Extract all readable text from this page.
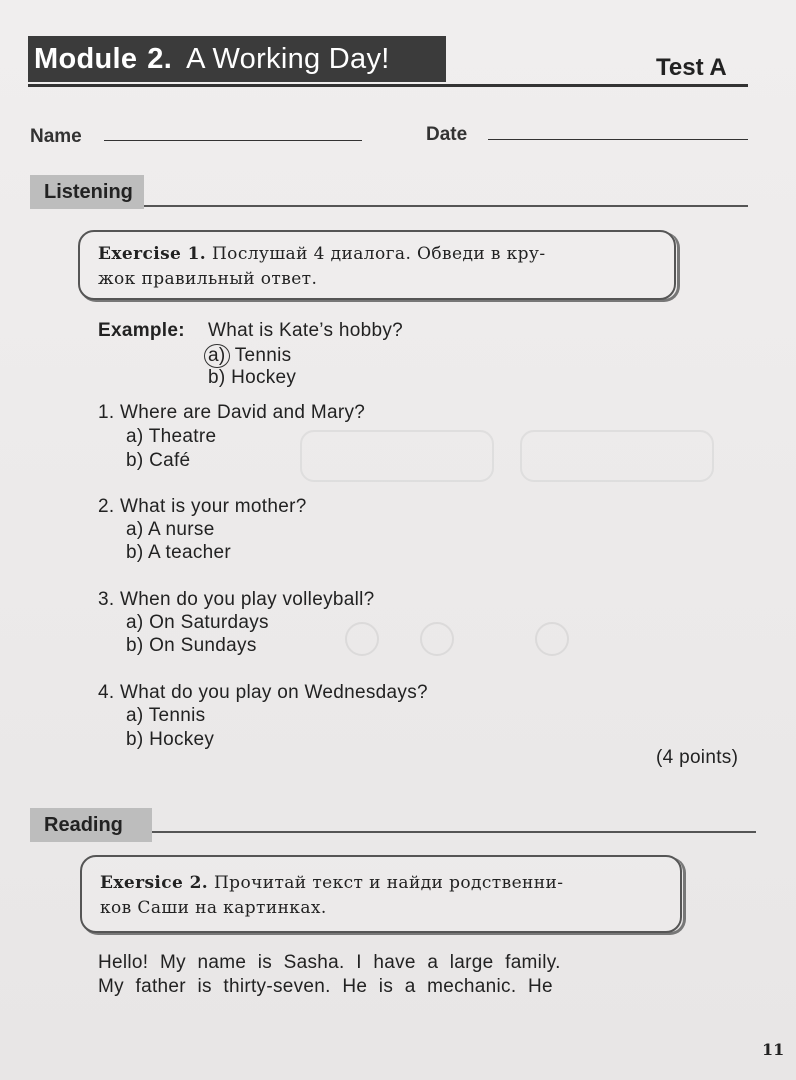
Module 2. A Working Day!	Test A
Name	Date
Listening
Exercise 1. Послушай 4 диалога. Обведи в кру-
жок правильный ответ.
Example: What is Kate’s hobby?
a) Tennis
b) Hockey
1. Where are David and Mary?
a) Theatre
b) Café
2. What is your mother?
a) A nurse
b) A teacher
3. When do you play volleyball?
a) On Saturdays
b) On Sundays
4. What do you play on Wednesdays?
a) Tennis
b) Hockey
(4 points)
Reading
Exersice 2. Прочитай текст и найди родственни-
ков Саши на картинках.
Hello! My name is Sasha. I have a large family.
My father is thirty-seven. He is a mechanic. He
11
